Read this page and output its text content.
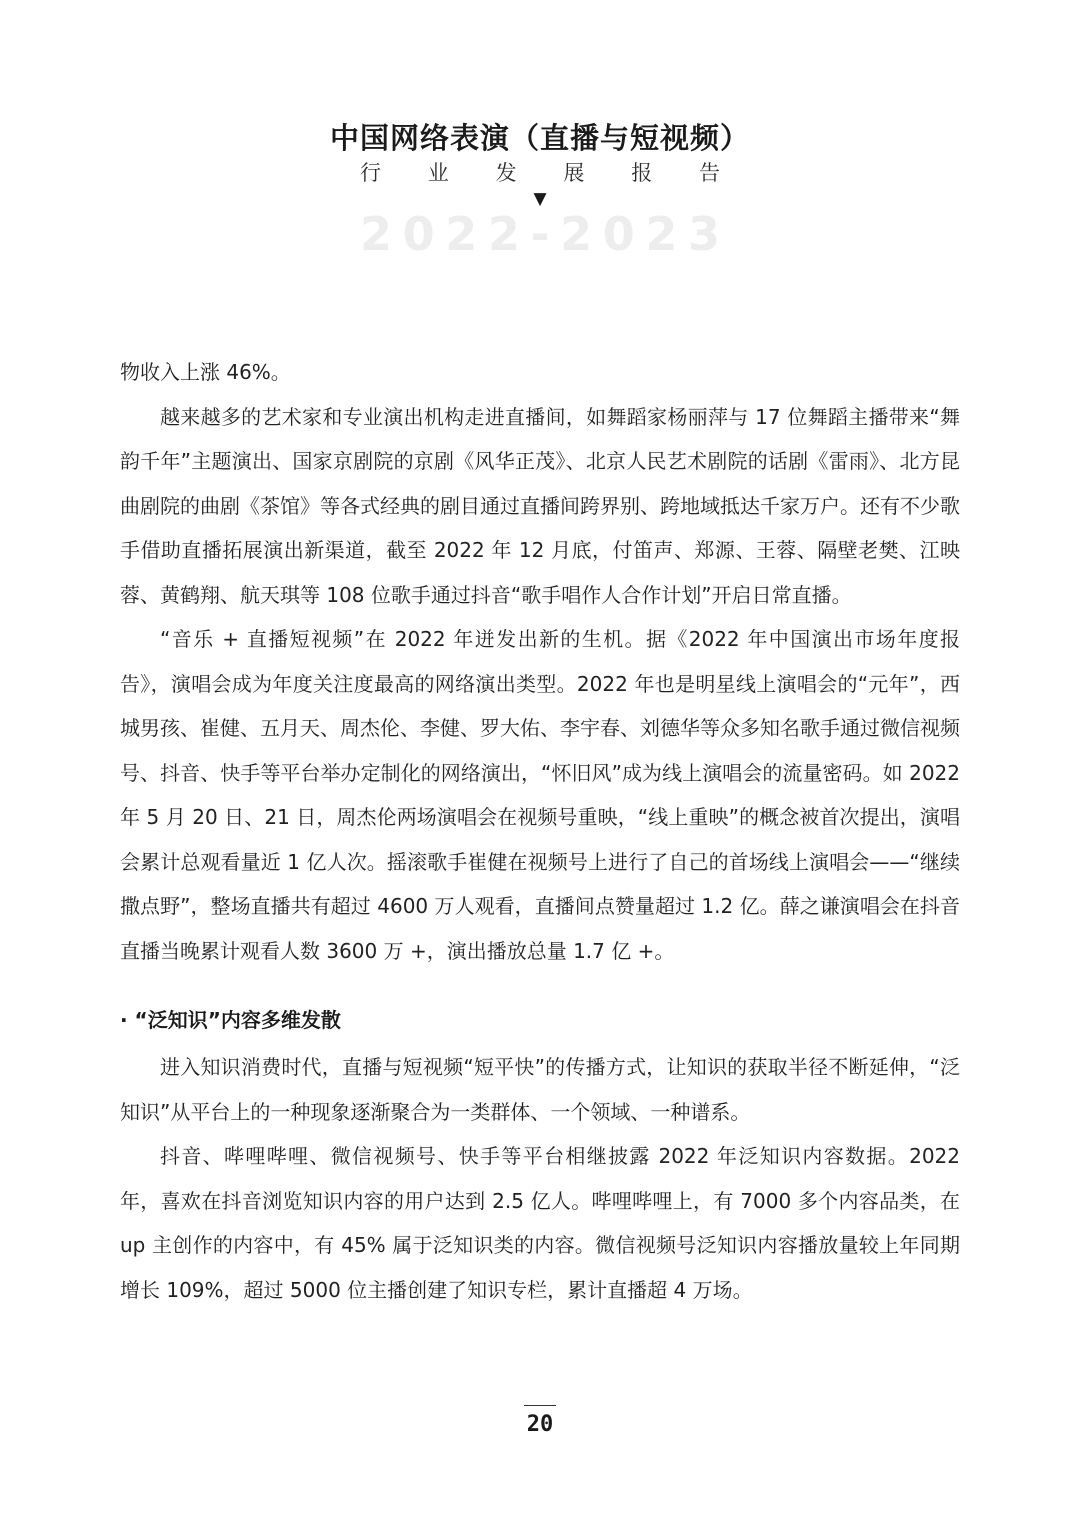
中国网络表演（直播与短视频）
行 业 发 展 报 告
▼
2 0 2 2 - 2 0 2 3

物收入上涨 46%。

越来越多的艺术家和专业演出机构走进直播间，如舞蹈家杨丽萍与 17 位舞蹈主播带来“舞韵千年”主题演出、国家京剧院的京剧《风华正茂》、北京人民艺术剧院的话剧《雷雨》、北方昆曲剧院的曲剧《茶馆》等各式经典的剧目通过直播间跨界别、跨地域抵达千家万户。还有不少歌手借助直播拓展演出新渠道，截至 2022 年 12 月底，付笛声、郑源、王蓉、隔壁老樊、江映蓉、黄鹤翔、航天琪等 108 位歌手通过抖音“歌手唱作人合作计划”开启日常直播。

“音乐 + 直播短视频”在 2022 年迸发出新的生机。据《2022 年中国演出市场年度报告》，演唱会成为年度关注度最高的网络演出类型。2022 年也是明星线上演唱会的“元年”，西城男孩、崔健、五月天、周杰伦、李健、罗大佑、李宇春、刘德华等众多知名歌手通过微信视频号、抖音、快手等平台举办定制化的网络演出，“怀旧风”成为线上演唱会的流量密码。如 2022 年 5 月 20 日、21 日，周杰伦两场演唱会在视频号重映，“线上重映”的概念被首次提出，演唱会累计总观看量近 1 亿人次。摇滚歌手崔健在视频号上进行了自己的首场线上演唱会——“继续撒点野”，整场直播共有超过 4600 万人观看，直播间点赞量超过 1.2 亿。薛之谦演唱会在抖音直播当晚累计观看人数 3600 万 +，演出播放总量 1.7 亿 +。

· “泛知识”内容多维发散

进入知识消费时代，直播与短视频“短平快”的传播方式，让知识的获取半径不断延伸，“泛知识”从平台上的一种现象逐渐聚合为一类群体、一个领域、一种谱系。

抖音、哔哩哔哩、微信视频号、快手等平台相继披露 2022 年泛知识内容数据。2022 年，喜欢在抖音浏览知识内容的用户达到 2.5 亿人。哔哩哔哩上，有 7000 多个内容品类，在 up 主创作的内容中，有 45% 属于泛知识类的内容。微信视频号泛知识内容播放量较上年同期增长 109%，超过 5000 位主播创建了知识专栏，累计直播超 4 万场。

20
